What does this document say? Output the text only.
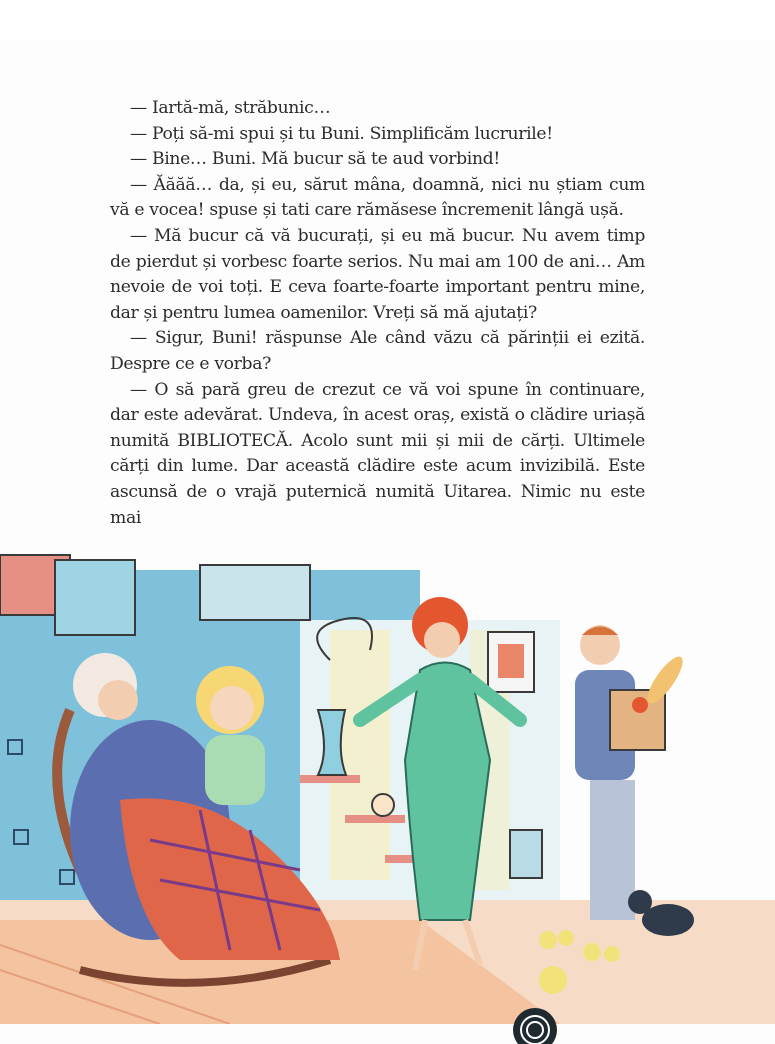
— Iartă-mă, străbunic…

— Poți să-mi spui și tu Buni. Simplificăm lucrurile!

— Bine… Buni. Mă bucur să te aud vorbind!

— Ăăăă… da, și eu, sărut mâna, doamnă, nici nu știam cum vă e vocea! spuse și tati care rămăsese încremenit lângă ușă.

— Mă bucur că vă bucurați, și eu mă bucur. Nu avem timp de pierdut și vorbesc foarte serios. Nu mai am 100 de ani… Am nevoie de voi toți. E ceva foarte-foarte important pentru mine, dar și pentru lumea oamenilor. Vreți să mă ajutați?

— Sigur, Buni! răspunse Ale când văzu că părinții ei ezită. Despre ce e vorba?

— O să pară greu de crezut ce vă voi spune în continuare, dar este adevărat. Undeva, în acest oraș, există o clădire uriașă numită BIBLIOTECĂ. Acolo sunt mii și mii de cărți. Ultimele cărți din lume. Dar această clădire este acum invizibilă. Este ascunsă de o vrajă puternică numită Uitarea. Nimic nu este mai
